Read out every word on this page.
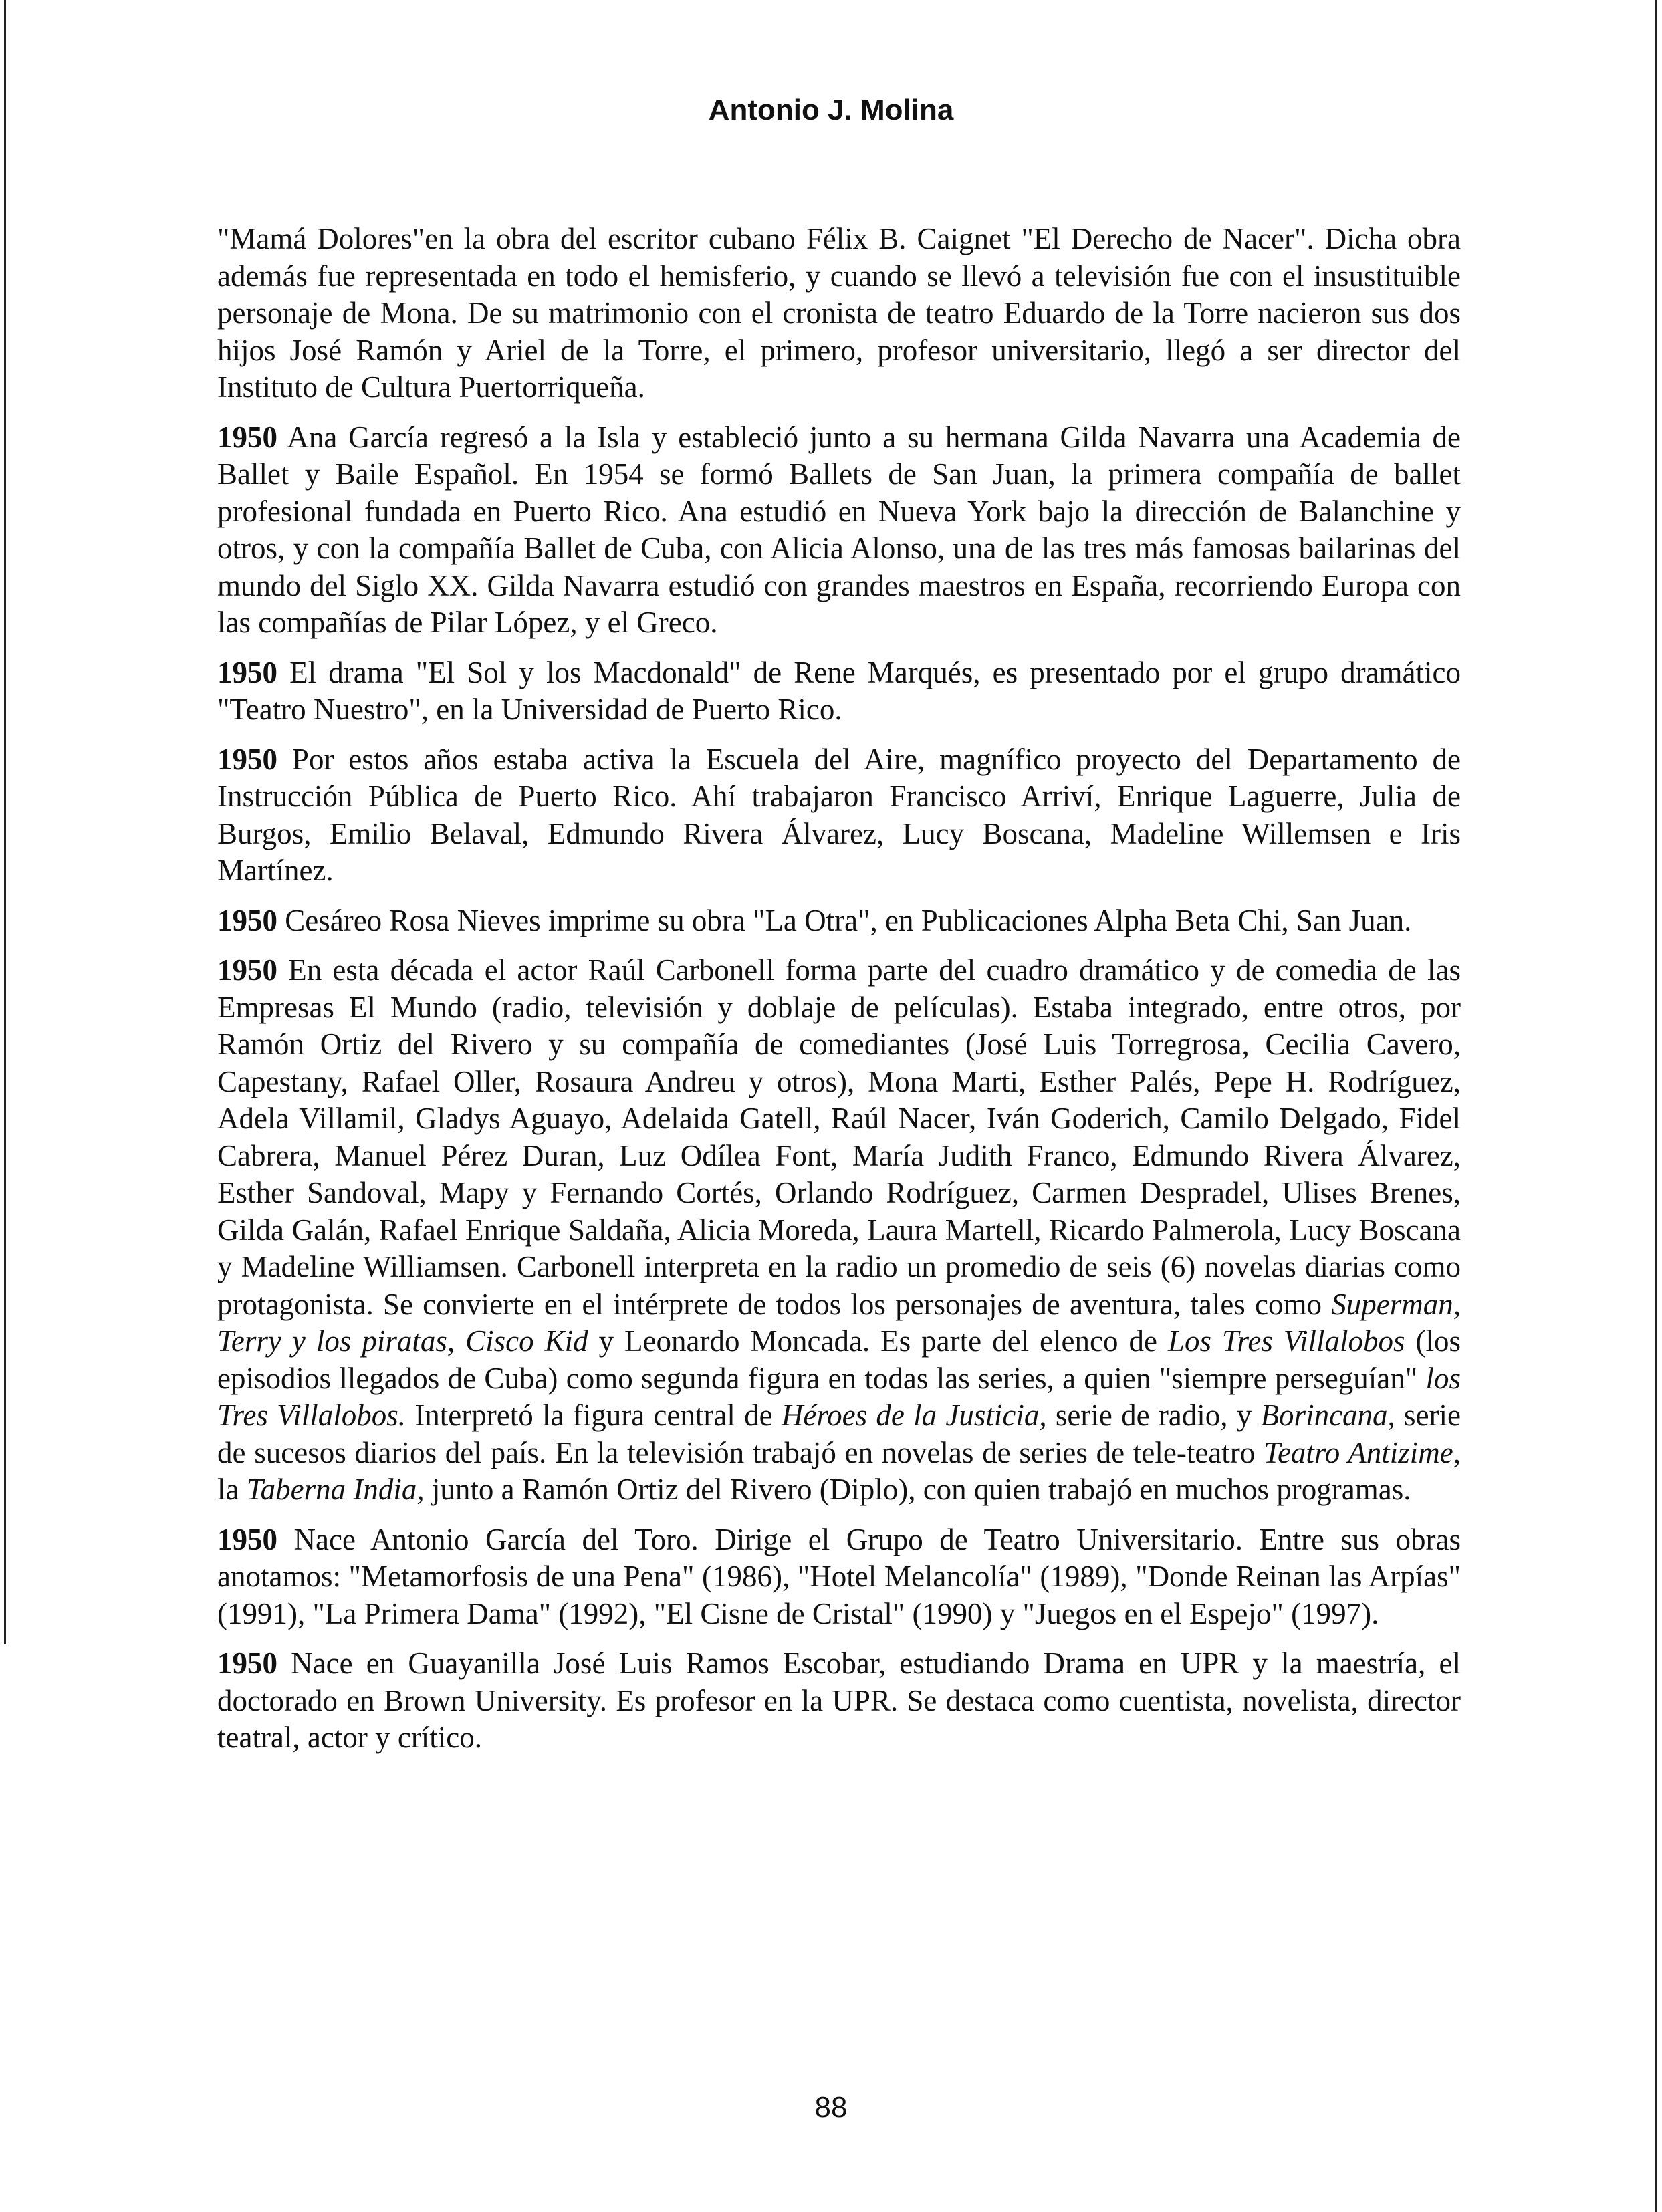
Antonio J. Molina

"Mamá Dolores"en la obra del escritor cubano Félix B. Caignet "El Derecho de Nacer". Dicha obra además fue representada en todo el hemisferio, y cuando se llevó a televisión fue con el insustituible personaje de Mona. De su matrimonio con el cronista de teatro Eduardo de la Torre nacieron sus dos hijos José Ramón y Ariel de la Torre, el primero, profesor universitario, llegó a ser director del Instituto de Cultura Puertorriqueña.

1950 Ana García regresó a la Isla y estableció junto a su hermana Gilda Navarra una Academia de Ballet y Baile Español. En 1954 se formó Ballets de San Juan, la primera compañía de ballet profesional fundada en Puerto Rico. Ana estudió en Nueva York bajo la dirección de Balanchine y otros, y con la compañía Ballet de Cuba, con Alicia Alonso, una de las tres más famosas bailarinas del mundo del Siglo XX. Gilda Navarra estudió con grandes maestros en España, recorriendo Europa con las compañías de Pilar López, y el Greco.

1950 El drama "El Sol y los Macdonald" de Rene Marqués, es presentado por el grupo dramático "Teatro Nuestro", en la Universidad de Puerto Rico.

1950 Por estos años estaba activa la Escuela del Aire, magnífico proyecto del Departamento de Instrucción Pública de Puerto Rico. Ahí trabajaron Francisco Arriví, Enrique Laguerre, Julia de Burgos, Emilio Belaval, Edmundo Rivera Álvarez, Lucy Boscana, Madeline Willemsen e Iris Martínez.

1950 Cesáreo Rosa Nieves imprime su obra "La Otra", en Publicaciones Alpha Beta Chi, San Juan.

1950 En esta década el actor Raúl Carbonell forma parte del cuadro dramático y de comedia de las Empresas El Mundo (radio, televisión y doblaje de películas). Estaba integrado, entre otros, por Ramón Ortiz del Rivero y su compañía de comediantes (José Luis Torregrosa, Cecilia Cavero, Capestany, Rafael Oller, Rosaura Andreu y otros), Mona Marti, Esther Palés, Pepe H. Rodríguez, Adela Villamil, Gladys Aguayo, Adelaida Gatell, Raúl Nacer, Iván Goderich, Camilo Delgado, Fidel Cabrera, Manuel Pérez Duran, Luz Odílea Font, María Judith Franco, Edmundo Rivera Álvarez, Esther Sandoval, Mapy y Fernando Cortés, Orlando Rodríguez, Carmen Despradel, Ulises Brenes, Gilda Galán, Rafael Enrique Saldaña, Alicia Moreda, Laura Martell, Ricardo Palmerola, Lucy Boscana y Madeline Williamsen. Carbonell interpreta en la radio un promedio de seis (6) novelas diarias como protagonista. Se convierte en el intérprete de todos los personajes de aventura, tales como Superman, Terry y los piratas, Cisco Kid y Leonardo Moncada. Es parte del elenco de Los Tres Villalobos (los episodios llegados de Cuba) como segunda figura en todas las series, a quien "siempre perseguían" los Tres Villalobos. Interpretó la figura central de Héroes de la Justicia, serie de radio, y Borincana, serie de sucesos diarios del país. En la televisión trabajó en novelas de series de tele-teatro Teatro Antizime, la Taberna India, junto a Ramón Ortiz del Rivero (Diplo), con quien trabajó en muchos programas.

1950 Nace Antonio García del Toro. Dirige el Grupo de Teatro Universitario. Entre sus obras anotamos: "Metamorfosis de una Pena" (1986), "Hotel Melancolía" (1989), "Donde Reinan las Arpías" (1991), "La Primera Dama" (1992), "El Cisne de Cristal" (1990) y "Juegos en el Espejo" (1997).

1950 Nace en Guayanilla José Luis Ramos Escobar, estudiando Drama en UPR y la maestría, el doctorado en Brown University. Es profesor en la UPR. Se destaca como cuentista, novelista, director teatral, actor y crítico.

88
